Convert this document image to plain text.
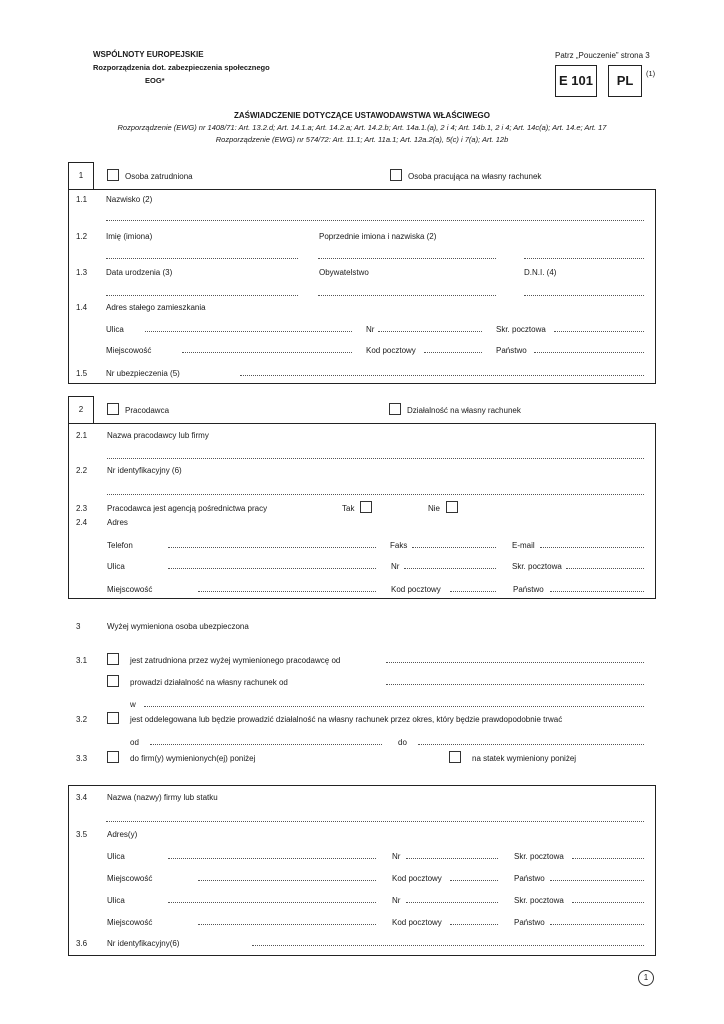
WSPÓLNOTY EUROPEJSKIE
Rozporządzenia dot. zabezpieczenia społecznego
EOG*
Patrz „Pouczenie” strona 3
E 101	PL	(1)
ZAŚWIADCZENIE DOTYCZĄCE USTAWODAWSTWA WŁAŚCIWEGO
Rozporządzenie (EWG) nr 1408/71: Art. 13.2.d; Art. 14.1.a; Art. 14.2.a; Art. 14.2.b; Art. 14a.1.(a), 2 i 4; Art. 14b.1, 2 i 4; Art. 14c(a); Art. 14.e; Art. 17
Rozporządzenie (EWG) nr 574/72: Art. 11.1; Art. 11a.1; Art. 12a.2(a), 5(c) i 7(a); Art. 12b
1	Osoba zatrudniona	Osoba pracująca na własny rachunek
1.1 Nazwisko (2)
1.2 Imię (imiona)	Poprzednie imiona i nazwiska (2)
1.3 Data urodzenia (3)	Obywatelstwo	D.N.I. (4)
1.4 Adres stałego zamieszkania
Ulica	Nr	Skr. pocztowa
Miejscowość	Kod pocztowy	Państwo
1.5 Nr ubezpieczenia (5)
2	Pracodawca	Działalność na własny rachunek
2.1 Nazwa pracodawcy lub firmy
2.2 Nr identyfikacyjny (6)
2.3 Pracodawca jest agencją pośrednictwa pracy	Tak	Nie
2.4 Adres
Telefon	Faks	E-mail
Ulica	Nr	Skr. pocztowa
Miejscowość	Kod pocztowy	Państwo
3	Wyżej wymieniona osoba ubezpieczona
3.1	jest zatrudniona przez wyżej wymienionego pracodawcę od
prowadzi działalność na własny rachunek od
w
3.2	jest oddelegowana lub będzie prowadzić działalność na własny rachunek przez okres, który będzie prawdopodobnie trwać
od	do
3.3	do firm(y) wymienionych(ej) poniżej	na statek wymieniony poniżej
3.4 Nazwa (nazwy) firmy lub statku
3.5 Adres(y)
Ulica	Nr	Skr. pocztowa
Miejscowość	Kod pocztowy	Państwo
Ulica	Nr	Skr. pocztowa
Miejscowość	Kod pocztowy	Państwo
3.6 Nr identyfikacyjny(6)
1
